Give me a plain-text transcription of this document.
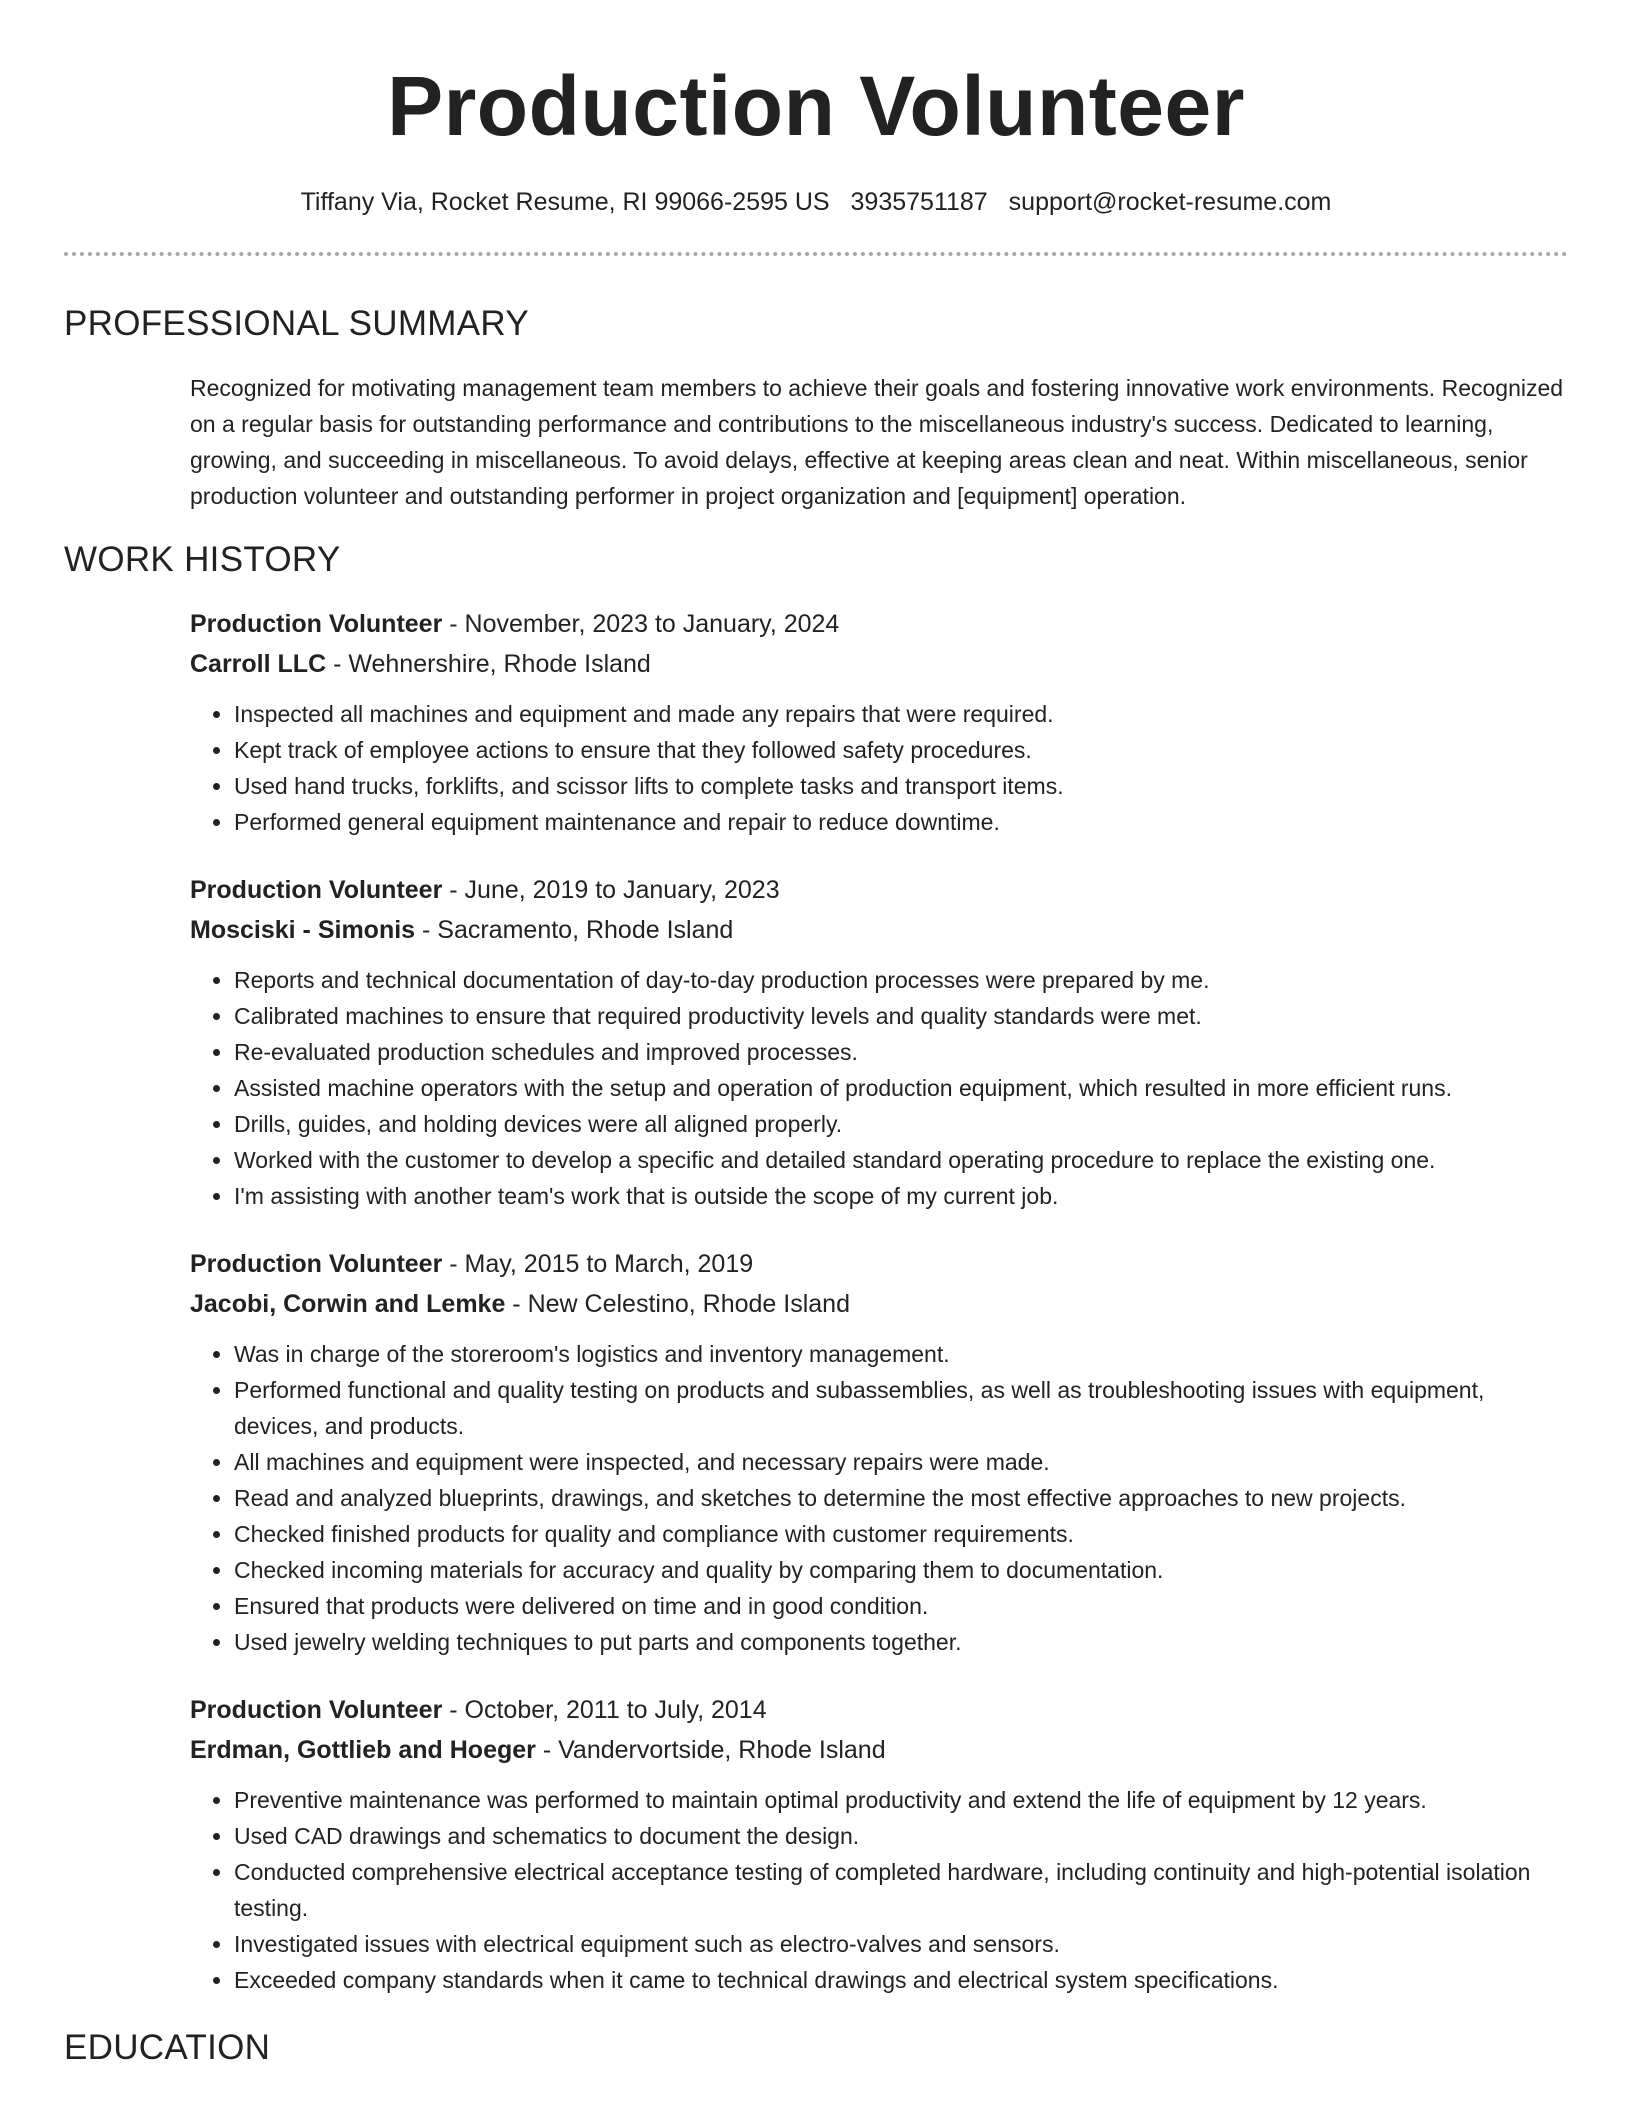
Production Volunteer
Tiffany Via, Rocket Resume, RI 99066-2595 US 3935751187 support@rocket-resume.com
PROFESSIONAL SUMMARY

Recognized for motivating management team members to achieve their goals and fostering innovative work environments. Recognized on a regular basis for outstanding performance and contributions to the miscellaneous industry's success. Dedicated to learning, growing, and succeeding in miscellaneous. To avoid delays, effective at keeping areas clean and neat. Within miscellaneous, senior production volunteer and outstanding performer in project organization and [equipment] operation.

WORK HISTORY
Production Volunteer - November, 2023 to January, 2024
Carroll LLC - Wehnershire, Rhode Island
• Inspected all machines and equipment and made any repairs that were required.
• Kept track of employee actions to ensure that they followed safety procedures.
• Used hand trucks, forklifts, and scissor lifts to complete tasks and transport items.
• Performed general equipment maintenance and repair to reduce downtime.
Production Volunteer - June, 2019 to January, 2023
Mosciski - Simonis - Sacramento, Rhode Island
• Reports and technical documentation of day-to-day production processes were prepared by me.
• Calibrated machines to ensure that required productivity levels and quality standards were met.
• Re-evaluated production schedules and improved processes.
• Assisted machine operators with the setup and operation of production equipment, which resulted in more efficient runs.
• Drills, guides, and holding devices were all aligned properly.
• Worked with the customer to develop a specific and detailed standard operating procedure to replace the existing one.
• I'm assisting with another team's work that is outside the scope of my current job.
Production Volunteer - May, 2015 to March, 2019
Jacobi, Corwin and Lemke - New Celestino, Rhode Island
• Was in charge of the storeroom's logistics and inventory management.
• Performed functional and quality testing on products and subassemblies, as well as troubleshooting issues with equipment, devices, and products.
• All machines and equipment were inspected, and necessary repairs were made.
• Read and analyzed blueprints, drawings, and sketches to determine the most effective approaches to new projects.
• Checked finished products for quality and compliance with customer requirements.
• Checked incoming materials for accuracy and quality by comparing them to documentation.
• Ensured that products were delivered on time and in good condition.
• Used jewelry welding techniques to put parts and components together.
Production Volunteer - October, 2011 to July, 2014
Erdman, Gottlieb and Hoeger - Vandervortside, Rhode Island
• Preventive maintenance was performed to maintain optimal productivity and extend the life of equipment by 12 years.
• Used CAD drawings and schematics to document the design.
• Conducted comprehensive electrical acceptance testing of completed hardware, including continuity and high-potential isolation testing.
• Investigated issues with electrical equipment such as electro-valves and sensors.
• Exceeded company standards when it came to technical drawings and electrical system specifications.
EDUCATION
